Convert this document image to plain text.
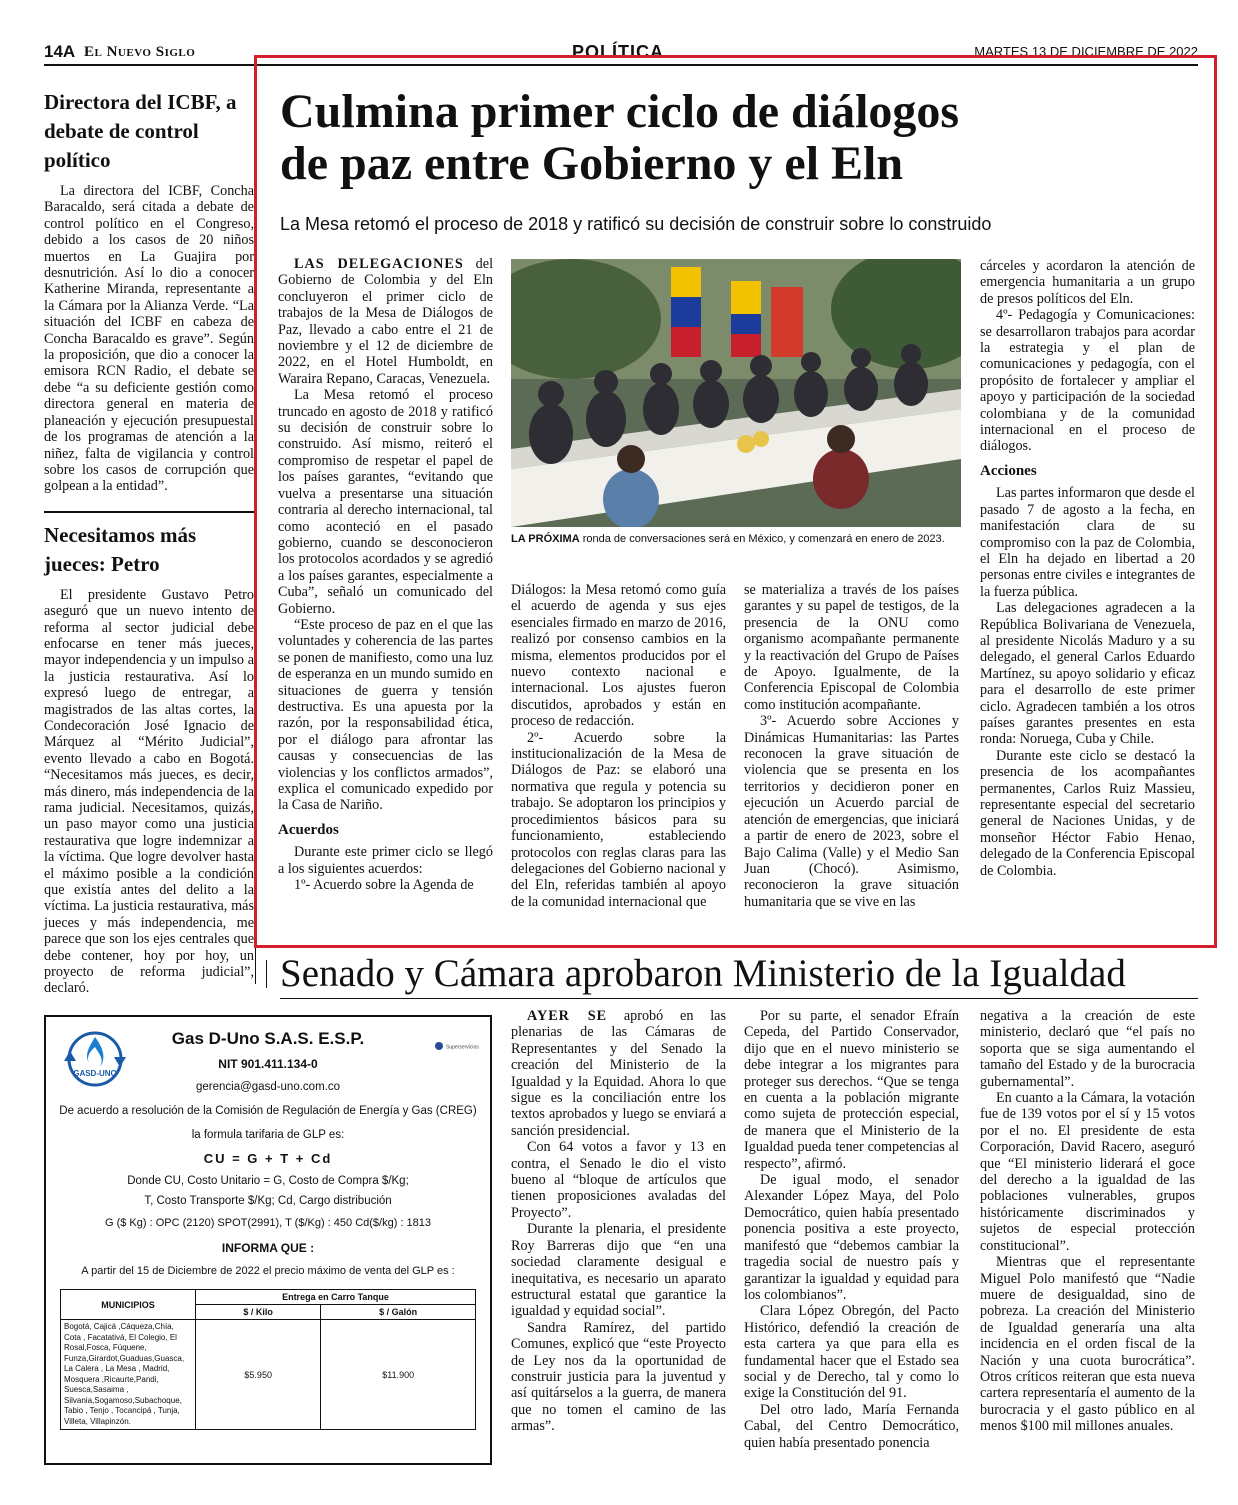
14A El Nuevo Siglo	POLÍTICA	MARTES 13 DE DICIEMBRE DE 2022
Directora del ICBF, a debate de control político

La directora del ICBF, Concha Baracaldo, será citada a debate de control político en el Congreso, debido a los casos de 20 niños muertos en La Guajira por desnutrición. Así lo dio a conocer Katherine Miranda, representante a la Cámara por la Alianza Verde. “La situación del ICBF en cabeza de Concha Baracaldo es grave”. Según la proposición, que dio a conocer la emisora RCN Radio, el debate se debe “a su deficiente gestión como directora general en materia de planeación y ejecución presupuestal de los programas de atención a la niñez, falta de vigilancia y control sobre los casos de corrupción que golpean a la entidad”.

Necesitamos más jueces: Petro

El presidente Gustavo Petro aseguró que un nuevo intento de reforma al sector judicial debe enfocarse en tener más jueces, mayor independencia y un impulso a la justicia restaurativa. Así lo expresó luego de entregar, a magistrados de las altas cortes, la Condecoración José Ignacio de Márquez al “Mérito Judicial”, evento llevado a cabo en Bogotá. “Necesitamos más jueces, es decir, más dinero, más independencia de la rama judicial. Necesitamos, quizás, un paso mayor como una justicia restaurativa que logre indemnizar a la víctima. Que logre devolver hasta el máximo posible a la condición que existía antes del delito a la víctima. La justicia restaurativa, más jueces y más independencia, me parece que son los ejes centrales que debe contener, hoy por hoy, un proyecto de reforma judicial”, declaró.

Culmina primer ciclo de diálogos
de paz entre Gobierno y el Eln
La Mesa retomó el proceso de 2018 y ratificó su decisión de construir sobre lo construido

LAS DELEGACIONES del Gobierno de Colombia y del Eln concluyeron el primer ciclo de trabajos de la Mesa de Diálogos de Paz, llevado a cabo entre el 21 de noviembre y el 12 de diciembre de 2022, en el Hotel Humboldt, en Waraira Repano, Caracas, Venezuela.

La Mesa retomó el proceso truncado en agosto de 2018 y ratificó su decisión de construir sobre lo construido. Así mismo, reiteró el compromiso de respetar el papel de los países garantes, “evitando que vuelva a presentarse una situación contraria al derecho internacional, tal como aconteció en el pasado gobierno, cuando se desconocieron los protocolos acordados y se agredió a los países garantes, especialmente a Cuba”, señaló un comunicado del Gobierno.

“Este proceso de paz en el que las voluntades y coherencia de las partes se ponen de manifiesto, como una luz de esperanza en un mundo sumido en situaciones de guerra y tensión destructiva. Es una apuesta por la razón, por la responsabilidad ética, por el diálogo para afrontar las causas y consecuencias de las violencias y los conflictos armados”, explica el comunicado expedido por la Casa de Nariño.

Acuerdos

Durante este primer ciclo se llegó a los siguientes acuerdos:

1º- Acuerdo sobre la Agenda de

LA PRÓXIMA ronda de conversaciones será en México, y comenzará en enero de 2023.

Diálogos: la Mesa retomó como guía el acuerdo de agenda y sus ejes esenciales firmado en marzo de 2016, realizó por consenso cambios en la misma, elementos producidos por el nuevo contexto nacional e internacional. Los ajustes fueron discutidos, aprobados y están en proceso de redacción.

2º- Acuerdo sobre la institucionalización de la Mesa de Diálogos de Paz: se elaboró una normativa que regula y potencia su trabajo. Se adoptaron los principios y procedimientos básicos para su funcionamiento, estableciendo protocolos con reglas claras para las delegaciones del Gobierno nacional y del Eln, referidas también al apoyo de la comunidad internacional que

se materializa a través de los países garantes y su papel de testigos, de la presencia de la ONU como organismo acompañante permanente y la reactivación del Grupo de Países de Apoyo. Igualmente, de la Conferencia Episcopal de Colombia como institución acompañante.

3º- Acuerdo sobre Acciones y Dinámicas Humanitarias: las Partes reconocen la grave situación de violencia que se presenta en los territorios y decidieron poner en ejecución un Acuerdo parcial de atención de emergencias, que iniciará a partir de enero de 2023, sobre el Bajo Calima (Valle) y el Medio San Juan (Chocó). Asimismo, reconocieron la grave situación humanitaria que se vive en las

cárceles y acordaron la atención de emergencia humanitaria a un grupo de presos políticos del Eln.

4º- Pedagogía y Comunicaciones: se desarrollaron trabajos para acordar la estrategia y el plan de comunicaciones y pedagogía, con el propósito de fortalecer y ampliar el apoyo y participación de la sociedad colombiana y de la comunidad internacional en el proceso de diálogos.

Acciones

Las partes informaron que desde el pasado 7 de agosto a la fecha, en manifestación clara de su compromiso con la paz de Colombia, el Eln ha dejado en libertad a 20 personas entre civiles e integrantes de la fuerza pública.

Las delegaciones agradecen a la República Bolivariana de Venezuela, al presidente Nicolás Maduro y a su delegado, el general Carlos Eduardo Martínez, su apoyo solidario y eficaz para el desarrollo de este primer ciclo. Agradecen también a los otros países garantes presentes en esta ronda: Noruega, Cuba y Chile.

Durante este ciclo se destacó la presencia de los acompañantes permanentes, Carlos Ruiz Massieu, representante especial del secretario general de Naciones Unidas, y de monseñor Héctor Fabio Henao, delegado de la Conferencia Episcopal de Colombia.

Senado y Cámara aprobaron Ministerio de la Igualdad

AYER SE aprobó en las plenarias de las Cámaras de Representantes y del Senado la creación del Ministerio de la Igualdad y la Equidad. Ahora lo que sigue es la conciliación entre los textos aprobados y luego se enviará a sanción presidencial.

Con 64 votos a favor y 13 en contra, el Senado le dio el visto bueno al “bloque de artículos que tienen proposiciones avaladas del Proyecto”.

Durante la plenaria, el presidente Roy Barreras dijo que “en una sociedad claramente desigual e inequitativa, es necesario un aparato estructural estatal que garantice la igualdad y equidad social”.

Sandra Ramírez, del partido Comunes, explicó que “este Proyecto de Ley nos da la oportunidad de construir justicia para la juventud y así quitárselos a la guerra, de manera que no tomen el camino de las armas”.

Por su parte, el senador Efraín Cepeda, del Partido Conservador, dijo que en el nuevo ministerio se debe integrar a los migrantes para proteger sus derechos. “Que se tenga en cuenta a la población migrante como sujeta de protección especial, de manera que el Ministerio de la Igualdad pueda tener competencias al respecto”, afirmó.

De igual modo, el senador Alexander López Maya, del Polo Democrático, quien había presentado ponencia positiva a este proyecto, manifestó que “debemos cambiar la tragedia social de nuestro país y garantizar la igualdad y equidad para los colombianos”.

Clara López Obregón, del Pacto Histórico, defendió la creación de esta cartera ya que para ella es fundamental hacer que el Estado sea social y de Derecho, tal y como lo exige la Constitución del 91.

Del otro lado, María Fernanda Cabal, del Centro Democrático, quien había presentado ponencia

negativa a la creación de este ministerio, declaró que “el país no soporta que se siga aumentando el tamaño del Estado y de la burocracia gubernamental”.

En cuanto a la Cámara, la votación fue de 139 votos por el sí y 15 votos por el no. El presidente de esta Corporación, David Racero, aseguró que “El ministerio liderará el goce del derecho a la igualdad de las poblaciones vulnerables, grupos históricamente discriminados y sujetos de especial protección constitucional”.

Mientras que el representante Miguel Polo manifestó que “Nadie muere de desigualdad, sino de pobreza. La creación del Ministerio de Igualdad generaría una alta incidencia en el orden fiscal de la Nación y una cuota burocrática”. Otros críticos reiteran que esta nueva cartera representaría el aumento de la burocracia y el gasto público en al menos $100 mil millones anuales.

GASD-UNO
Superservicios
Gas D-Uno S.A.S. E.S.P.
NIT 901.411.134-0
gerencia@gasd-uno.com.co
De acuerdo a resolución de la Comisión de Regulación de Energía y Gas (CREG)
la formula tarifaria de GLP es:
CU = G + T + Cd
Donde CU, Costo Unitario = G, Costo de Compra $/Kg;
T, Costo Transporte $/Kg; Cd, Cargo distribución
G ($ Kg) : OPC (2120) SPOT(2991), T ($/Kg) : 450 Cd($/kg) : 1813
INFORMA QUE :
A partir del 15 de Diciembre de 2022 el precio máximo de venta del GLP es :
MUNICIPIOS	Entrega en Carro Tanque	
	$ / Kilo	$ / Galón
Bogotá, Cajicá ,Cáqueza,Chía, Cota , Facatativá, El Colegio, El Rosal,Fosca, Fúquene, Funza,Girardot,Guaduas,Guasca, La Calera , La Mesa , Madrid, Mosquera ,Ricaurte,Pandi, Suesca,Sasaima , Silvania,Sogamoso,Subachoque, Tabio , Tenjo , Tocancipá , Tunja, Villeta, Villapinzón.	$5.950	$11.900
